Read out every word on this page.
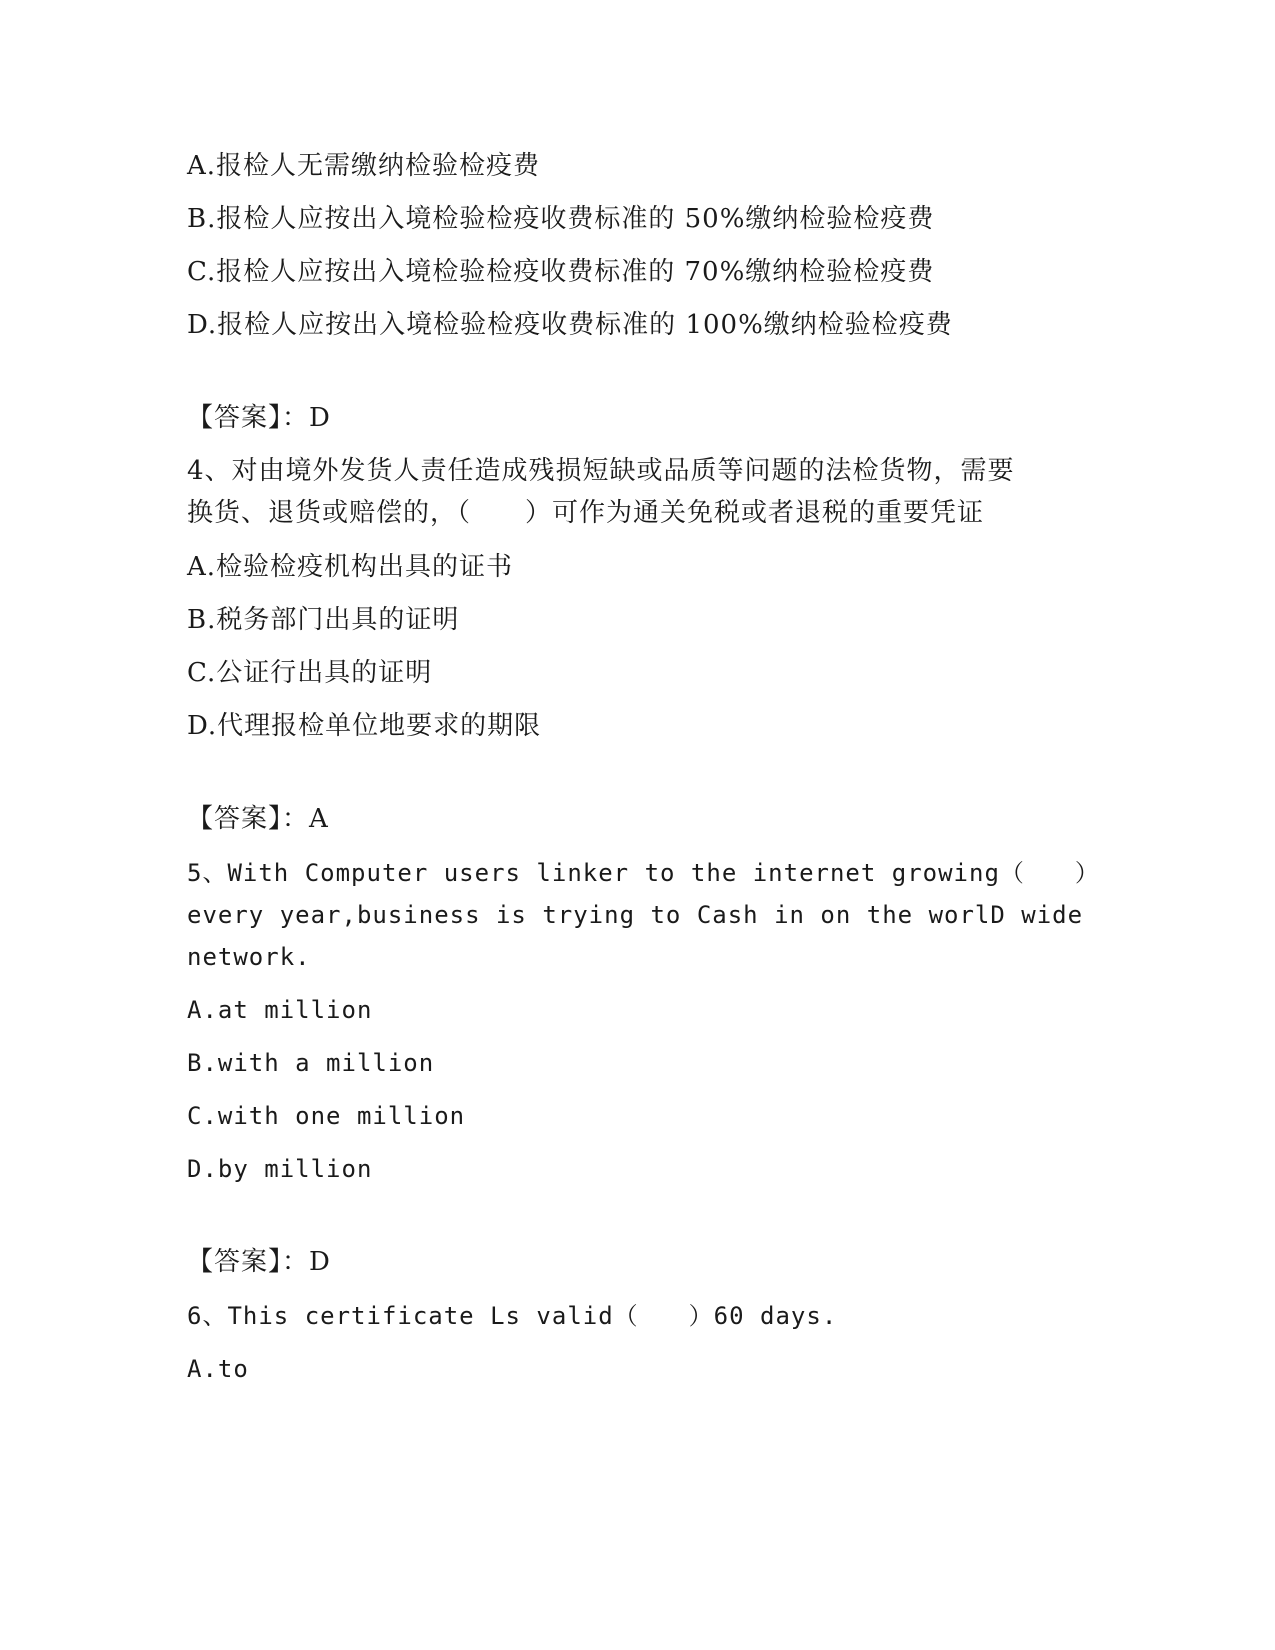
A.报检人无需缴纳检验检疫费
B.报检人应按出入境检验检疫收费标准的 50%缴纳检验检疫费
C.报检人应按出入境检验检疫收费标准的 70%缴纳检验检疫费
D.报检人应按出入境检验检疫收费标准的 100%缴纳检验检疫费
【答案】：D
4、对由境外发货人责任造成残损短缺或品质等问题的法检货物，需要
换货、退货或赔偿的，（　　）可作为通关免税或者退税的重要凭证
A.检验检疫机构出具的证书
B.税务部门出具的证明
C.公证行出具的证明
D.代理报检单位地要求的期限
【答案】：A
5、With Computer users linker to the internet growing（　　）
every year,business is trying to Cash in on the worlD wide
network.
A.at million
B.with a million
C.with one million
D.by million
【答案】：D
6、This certificate Ls valid（　　）60 days.
A.to
